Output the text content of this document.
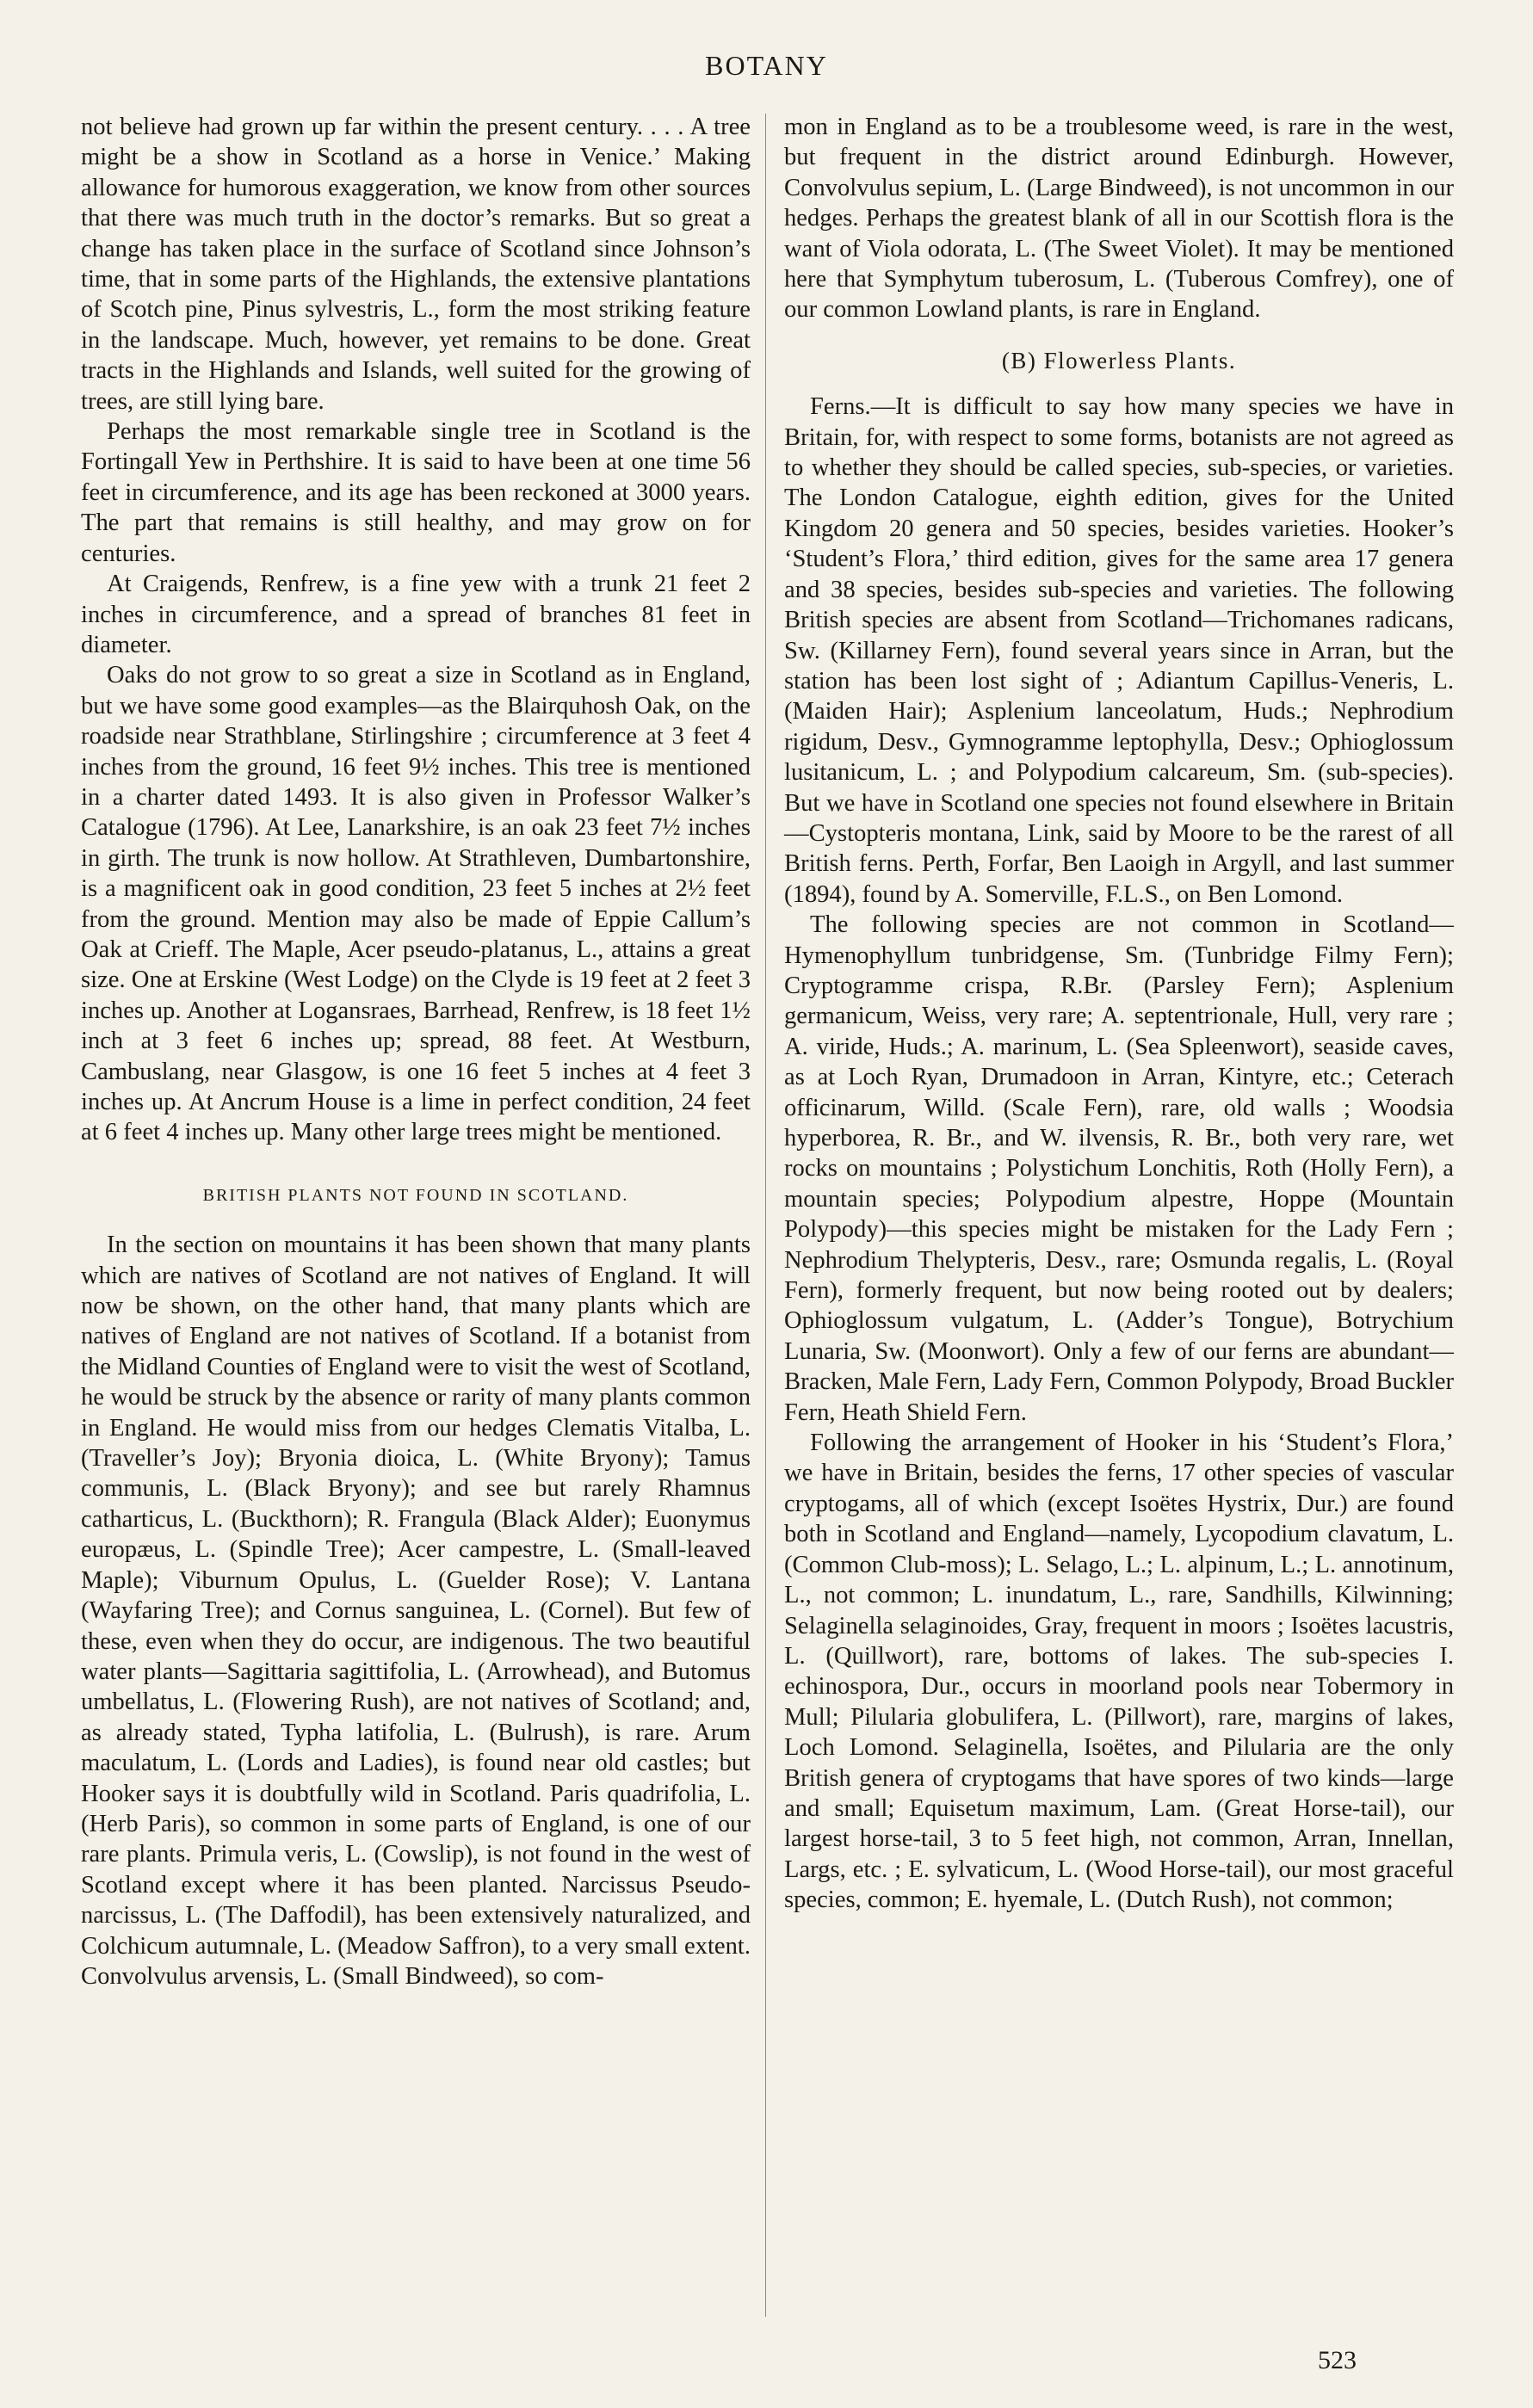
BOTANY

not believe had grown up far within the present century. . . . A tree might be a show in Scotland as a horse in Venice.’ Making allowance for humorous exaggeration, we know from other sources that there was much truth in the doctor’s remarks. But so great a change has taken place in the surface of Scotland since Johnson’s time, that in some parts of the Highlands, the extensive plantations of Scotch pine, Pinus sylvestris, L., form the most striking feature in the landscape. Much, however, yet remains to be done. Great tracts in the Highlands and Islands, well suited for the growing of trees, are still lying bare.

Perhaps the most remarkable single tree in Scotland is the Fortingall Yew in Perthshire. It is said to have been at one time 56 feet in circumference, and its age has been reckoned at 3000 years. The part that remains is still healthy, and may grow on for centuries.

At Craigends, Renfrew, is a fine yew with a trunk 21 feet 2 inches in circumference, and a spread of branches 81 feet in diameter.

Oaks do not grow to so great a size in Scotland as in England, but we have some good examples—as the Blairquhosh Oak, on the roadside near Strathblane, Stirlingshire ; circumference at 3 feet 4 inches from the ground, 16 feet 9½ inches. This tree is mentioned in a charter dated 1493. It is also given in Professor Walker’s Catalogue (1796). At Lee, Lanarkshire, is an oak 23 feet 7½ inches in girth. The trunk is now hollow. At Strathleven, Dumbartonshire, is a magnificent oak in good condition, 23 feet 5 inches at 2½ feet from the ground. Mention may also be made of Eppie Callum’s Oak at Crieff. The Maple, Acer pseudo-platanus, L., attains a great size. One at Erskine (West Lodge) on the Clyde is 19 feet at 2 feet 3 inches up. Another at Logansraes, Barrhead, Renfrew, is 18 feet 1½ inch at 3 feet 6 inches up; spread, 88 feet. At Westburn, Cambuslang, near Glasgow, is one 16 feet 5 inches at 4 feet 3 inches up. At Ancrum House is a lime in perfect condition, 24 feet at 6 feet 4 inches up. Many other large trees might be mentioned.

BRITISH PLANTS NOT FOUND IN SCOTLAND.

In the section on mountains it has been shown that many plants which are natives of Scotland are not natives of England. It will now be shown, on the other hand, that many plants which are natives of England are not natives of Scotland. If a botanist from the Midland Counties of England were to visit the west of Scotland, he would be struck by the absence or rarity of many plants common in England. He would miss from our hedges Clematis Vitalba, L. (Traveller’s Joy); Bryonia dioica, L. (White Bryony); Tamus communis, L. (Black Bryony); and see but rarely Rhamnus catharticus, L. (Buckthorn); R. Frangula (Black Alder); Euonymus europæus, L. (Spindle Tree); Acer campestre, L. (Small-leaved Maple); Viburnum Opulus, L. (Guelder Rose); V. Lantana (Wayfaring Tree); and Cornus sanguinea, L. (Cornel). But few of these, even when they do occur, are indigenous. The two beautiful water plants—Sagittaria sagittifolia, L. (Arrowhead), and Butomus umbellatus, L. (Flowering Rush), are not natives of Scotland; and, as already stated, Typha latifolia, L. (Bulrush), is rare. Arum maculatum, L. (Lords and Ladies), is found near old castles; but Hooker says it is doubtfully wild in Scotland. Paris quadrifolia, L. (Herb Paris), so common in some parts of England, is one of our rare plants. Primula veris, L. (Cowslip), is not found in the west of Scotland except where it has been planted. Narcissus Pseudo-narcissus, L. (The Daffodil), has been extensively naturalized, and Colchicum autumnale, L. (Meadow Saffron), to a very small extent. Convolvulus arvensis, L. (Small Bindweed), so com-

mon in England as to be a troublesome weed, is rare in the west, but frequent in the district around Edinburgh. However, Convolvulus sepium, L. (Large Bindweed), is not uncommon in our hedges. Perhaps the greatest blank of all in our Scottish flora is the want of Viola odorata, L. (The Sweet Violet). It may be mentioned here that Symphytum tuberosum, L. (Tuberous Comfrey), one of our common Lowland plants, is rare in England.

(B) Flowerless Plants.

Ferns.—It is difficult to say how many species we have in Britain, for, with respect to some forms, botanists are not agreed as to whether they should be called species, sub-species, or varieties. The London Catalogue, eighth edition, gives for the United Kingdom 20 genera and 50 species, besides varieties. Hooker’s ‘Student’s Flora,’ third edition, gives for the same area 17 genera and 38 species, besides sub-species and varieties. The following British species are absent from Scotland—Trichomanes radicans, Sw. (Killarney Fern), found several years since in Arran, but the station has been lost sight of ; Adiantum Capillus-Veneris, L. (Maiden Hair); Asplenium lanceolatum, Huds.; Nephrodium rigidum, Desv., Gymnogramme leptophylla, Desv.; Ophioglossum lusitanicum, L. ; and Polypodium calcareum, Sm. (sub-species). But we have in Scotland one species not found elsewhere in Britain—Cystopteris montana, Link, said by Moore to be the rarest of all British ferns. Perth, Forfar, Ben Laoigh in Argyll, and last summer (1894), found by A. Somerville, F.L.S., on Ben Lomond.

The following species are not common in Scotland—Hymenophyllum tunbridgense, Sm. (Tunbridge Filmy Fern); Cryptogramme crispa, R.Br. (Parsley Fern); Asplenium germanicum, Weiss, very rare; A. septentrionale, Hull, very rare ; A. viride, Huds.; A. marinum, L. (Sea Spleenwort), seaside caves, as at Loch Ryan, Drumadoon in Arran, Kintyre, etc.; Ceterach officinarum, Willd. (Scale Fern), rare, old walls ; Woodsia hyperborea, R. Br., and W. ilvensis, R. Br., both very rare, wet rocks on mountains ; Polystichum Lonchitis, Roth (Holly Fern), a mountain species; Polypodium alpestre, Hoppe (Mountain Polypody)—this species might be mistaken for the Lady Fern ; Nephrodium Thelypteris, Desv., rare; Osmunda regalis, L. (Royal Fern), formerly frequent, but now being rooted out by dealers; Ophioglossum vulgatum, L. (Adder’s Tongue), Botrychium Lunaria, Sw. (Moonwort). Only a few of our ferns are abundant—Bracken, Male Fern, Lady Fern, Common Polypody, Broad Buckler Fern, Heath Shield Fern.

Following the arrangement of Hooker in his ‘Student’s Flora,’ we have in Britain, besides the ferns, 17 other species of vascular cryptogams, all of which (except Isoëtes Hystrix, Dur.) are found both in Scotland and England—namely, Lycopodium clavatum, L. (Common Club-moss); L. Selago, L.; L. alpinum, L.; L. annotinum, L., not common; L. inundatum, L., rare, Sandhills, Kilwinning; Selaginella selaginoides, Gray, frequent in moors ; Isoëtes lacustris, L. (Quillwort), rare, bottoms of lakes. The sub-species I. echinospora, Dur., occurs in moorland pools near Tobermory in Mull; Pilularia globulifera, L. (Pillwort), rare, margins of lakes, Loch Lomond. Selaginella, Isoëtes, and Pilularia are the only British genera of cryptogams that have spores of two kinds—large and small; Equisetum maximum, Lam. (Great Horse-tail), our largest horse-tail, 3 to 5 feet high, not common, Arran, Innellan, Largs, etc. ; E. sylvaticum, L. (Wood Horse-tail), our most graceful species, common; E. hyemale, L. (Dutch Rush), not common;

523
